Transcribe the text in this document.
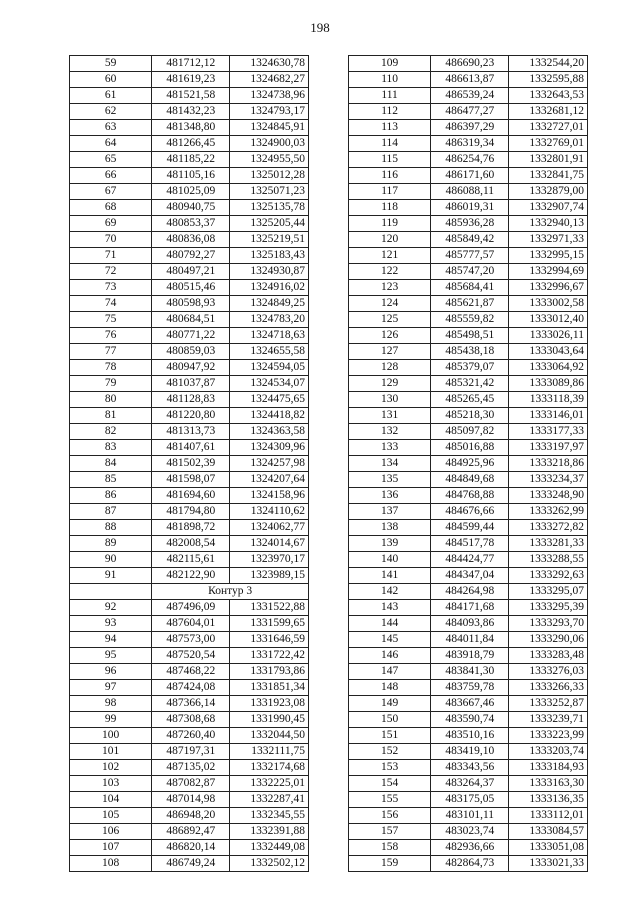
198
59	481712,12	1324630,78
60	481619,23	1324682,27
61	481521,58	1324738,96
62	481432,23	1324793,17
63	481348,80	1324845,91
64	481266,45	1324900,03
65	481185,22	1324955,50
66	481105,16	1325012,28
67	481025,09	1325071,23
68	480940,75	1325135,78
69	480853,37	1325205,44
70	480836,08	1325219,51
71	480792,27	1325183,43
72	480497,21	1324930,87
73	480515,46	1324916,02
74	480598,93	1324849,25
75	480684,51	1324783,20
76	480771,22	1324718,63
77	480859,03	1324655,58
78	480947,92	1324594,05
79	481037,87	1324534,07
80	481128,83	1324475,65
81	481220,80	1324418,82
82	481313,73	1324363,58
83	481407,61	1324309,96
84	481502,39	1324257,98
85	481598,07	1324207,64
86	481694,60	1324158,96
87	481794,80	1324110,62
88	481898,72	1324062,77
89	482008,54	1324014,67
90	482115,61	1323970,17
91	482122,90	1323989,15
	Контур 3	
92	487496,09	1331522,88
93	487604,01	1331599,65
94	487573,00	1331646,59
95	487520,54	1331722,42
96	487468,22	1331793,86
97	487424,08	1331851,34
98	487366,14	1331923,08
99	487308,68	1331990,45
100	487260,40	1332044,50
101	487197,31	1332111,75
102	487135,02	1332174,68
103	487082,87	1332225,01
104	487014,98	1332287,41
105	486948,20	1332345,55
106	486892,47	1332391,88
107	486820,14	1332449,08
108	486749,24	1332502,12
109	486690,23	1332544,20
110	486613,87	1332595,88
111	486539,24	1332643,53
112	486477,27	1332681,12
113	486397,29	1332727,01
114	486319,34	1332769,01
115	486254,76	1332801,91
116	486171,60	1332841,75
117	486088,11	1332879,00
118	486019,31	1332907,74
119	485936,28	1332940,13
120	485849,42	1332971,33
121	485777,57	1332995,15
122	485747,20	1332994,69
123	485684,41	1332996,67
124	485621,87	1333002,58
125	485559,82	1333012,40
126	485498,51	1333026,11
127	485438,18	1333043,64
128	485379,07	1333064,92
129	485321,42	1333089,86
130	485265,45	1333118,39
131	485218,30	1333146,01
132	485097,82	1333177,33
133	485016,88	1333197,97
134	484925,96	1333218,86
135	484849,68	1333234,37
136	484768,88	1333248,90
137	484676,66	1333262,99
138	484599,44	1333272,82
139	484517,78	1333281,33
140	484424,77	1333288,55
141	484347,04	1333292,63
142	484264,98	1333295,07
143	484171,68	1333295,39
144	484093,86	1333293,70
145	484011,84	1333290,06
146	483918,79	1333283,48
147	483841,30	1333276,03
148	483759,78	1333266,33
149	483667,46	1333252,87
150	483590,74	1333239,71
151	483510,16	1333223,99
152	483419,10	1333203,74
153	483343,56	1333184,93
154	483264,37	1333163,30
155	483175,05	1333136,35
156	483101,11	1333112,01
157	483023,74	1333084,57
158	482936,66	1333051,08
159	482864,73	1333021,33
